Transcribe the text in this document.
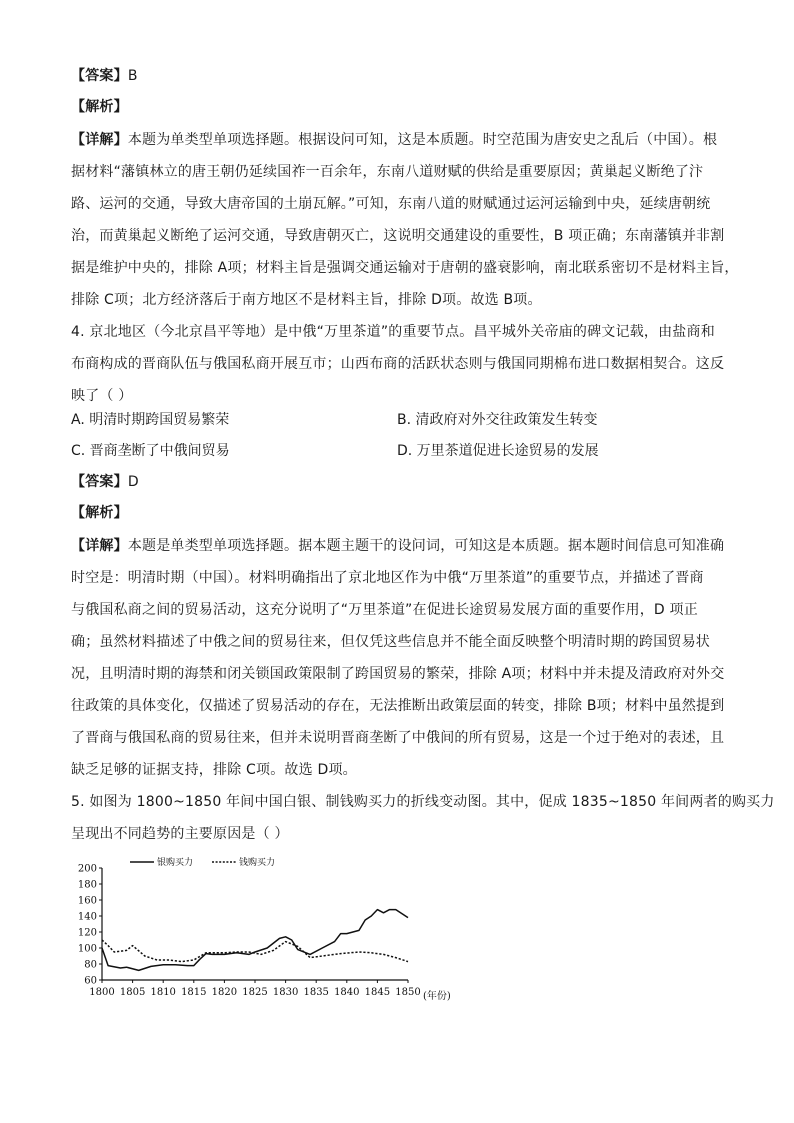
【答案】B
【解析】
【详解】本题为单类型单项选择题。根据设问可知，这是本质题。时空范围为唐安史之乱后（中国）。根
据材料“藩镇林立的唐王朝仍延续国祚一百余年，东南八道财赋的供给是重要原因；黄巢起义断绝了汴
路、运河的交通，导致大唐帝国的土崩瓦解。”可知，东南八道的财赋通过运河运输到中央，延续唐朝统
治，而黄巢起义断绝了运河交通，导致唐朝灭亡，这说明交通建设的重要性，B 项正确；东南藩镇并非割
据是维护中央的，排除 A项；材料主旨是强调交通运输对于唐朝的盛衰影响，南北联系密切不是材料主旨，
排除 C项；北方经济落后于南方地区不是材料主旨，排除 D项。故选 B项。
4. 京北地区（今北京昌平等地）是中俄“万里茶道”的重要节点。昌平城外关帝庙的碑文记载，由盐商和
布商构成的晋商队伍与俄国私商开展互市；山西布商的活跃状态则与俄国同期棉布进口数据相契合。这反
映了（ ）
A. 明清时期跨国贸易繁荣	B. 清政府对外交往政策发生转变
C. 晋商垄断了中俄间贸易	D. 万里茶道促进长途贸易的发展
【答案】D
【解析】
【详解】本题是单类型单项选择题。据本题主题干的设问词，可知这是本质题。据本题时间信息可知准确
时空是：明清时期（中国）。材料明确指出了京北地区作为中俄“万里茶道”的重要节点，并描述了晋商
与俄国私商之间的贸易活动，这充分说明了“万里茶道”在促进长途贸易发展方面的重要作用，D 项正
确；虽然材料描述了中俄之间的贸易往来，但仅凭这些信息并不能全面反映整个明清时期的跨国贸易状
况，且明清时期的海禁和闭关锁国政策限制了跨国贸易的繁荣，排除 A项；材料中并未提及清政府对外交
往政策的具体变化，仅描述了贸易活动的存在，无法推断出政策层面的转变，排除 B项；材料中虽然提到
了晋商与俄国私商的贸易往来，但并未说明晋商垄断了中俄间的所有贸易，这是一个过于绝对的表述，且
缺乏足够的证据支持，排除 C项。故选 D项。
5. 如图为 1800~1850 年间中国白银、制钱购买力的折线变动图。其中，促成 1835~1850 年间两者的购买力
呈现出不同趋势的主要原因是（ ）
60
80
100
120
140
160
180
200
1800 1805 1810 1815 1820 1825 1830 1835 1840 1845 1850
银购买力	钱购买力
(年份)
